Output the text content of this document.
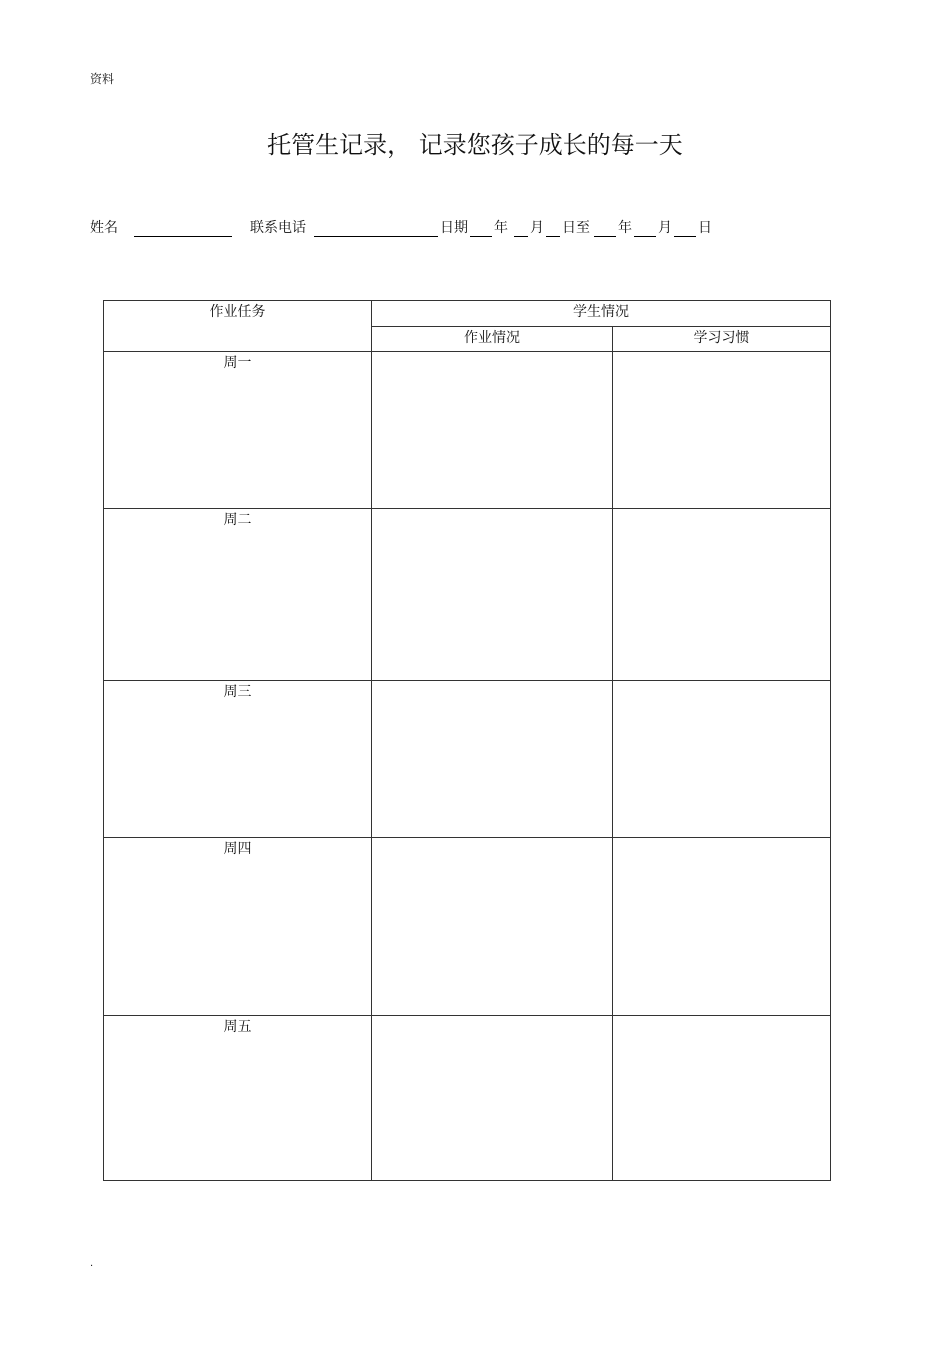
资料
托管生记录， 记录您孩子成长的每一天
姓名	联系电话	日期 年 月 日至 年 月 日
作业任务	学生情况	
	作业情况	学习习惯

周一		

周二		

周三		

周四		

周五		

.
